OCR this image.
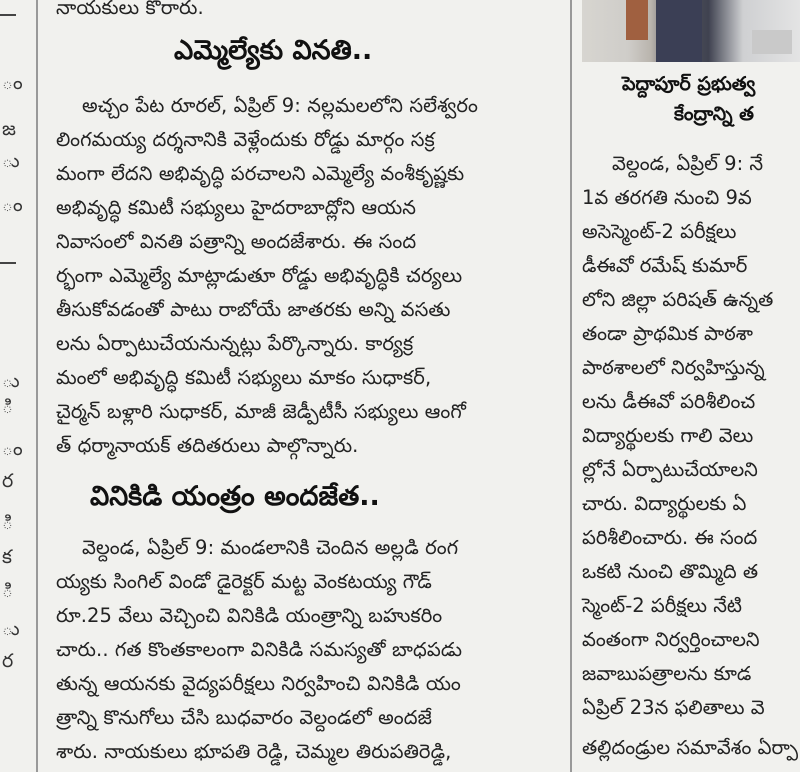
ం
జ
ు
ం
ు
ి
ం
ర
ి
క
ి
ు
ర
నాయకులు కొరారు.
ఎమ్మెల్యేకు వినతి..
అచ్చం పేట రూరల్, ఏప్రిల్ 9: నల్లమలలోని సలేశ్వరం
లింగమయ్య దర్శనానికి వెళ్లేందుకు రోడ్డు మార్గం సక్ర
మంగా లేదని అభివృద్ధి పరచాలని ఎమ్మెల్యే వంశీకృష్ణకు
అభివృద్ధి కమిటీ సభ్యులు హైదరాబాద్లోని ఆయన
నివాసంలో వినతి పత్రాన్ని అందజేశారు. ఈ సంద
ర్భంగా ఎమ్మెల్యే మాట్లాడుతూ రోడ్డు అభివృద్ధికి చర్యలు
తీసుకోవడంతో పాటు రాబోయే జాతరకు అన్ని వసతు
లను ఏర్పాటుచేయనున్నట్లు పేర్కొన్నారు. కార్యక్ర
మంలో అభివృద్ధి కమిటీ సభ్యులు మాకం సుధాకర్,
చైర్మన్ బళ్లారి సుధాకర్, మాజీ జెడ్పీటీసీ సభ్యులు ఆంగో
త్ ధర్మానాయక్ తదితరులు పాల్గొన్నారు.
వినికిడి యంత్రం అందజేత..
వెల్దండ, ఏప్రిల్ 9: మండలానికి చెందిన అల్లడి రంగ
య్యకు సింగిల్ విండో డైరెక్టర్ మట్ట వెంకటయ్య గౌడ్
రూ.25 వేలు వెచ్చించి వినికిడి యంత్రాన్ని బహుకరిం
చారు.. గత కొంతకాలంగా వినికిడి సమస్యతో బాధపడు
తున్న ఆయనకు వైద్యపరీక్షలు నిర్వహించి వినికిడి యం
త్రాన్ని కొనుగోలు చేసి బుధవారం వెల్దండలో అందజే
శారు. నాయకులు భూపతి రెడ్డి, చెమ్మల తిరుపతిరెడ్డి,
పెద్దాపూర్ ప్రభుత్వ
కేంద్రాన్ని త
వెల్దండ, ఏప్రిల్ 9: నే
1వ తరగతి నుంచి 9వ
అసెస్మెంట్-2 పరీక్షలు
డీఈవో రమేష్ కుమార్
లోని జిల్లా పరిషత్ ఉన్నత
తండా ప్రాథమిక పాఠశా
పాఠశాలలో నిర్వహిస్తున్న
లను డీఈవో పరిశీలించ
విద్యార్థులకు గాలి వెలు
ల్లోనే ఏర్పాటుచేయాలని
చారు. విద్యార్థులకు ఏ
పరిశీలించారు. ఈ సంద
ఒకటి నుంచి తొమ్మిది త
స్మెంట్-2 పరీక్షలు నేటి
వంతంగా నిర్వర్తించాలని
జవాబుపత్రాలను కూడ
ఏప్రిల్ 23న ఫలితాలు వె
తల్లిదండ్రుల సమావేశం ఏర్పా
